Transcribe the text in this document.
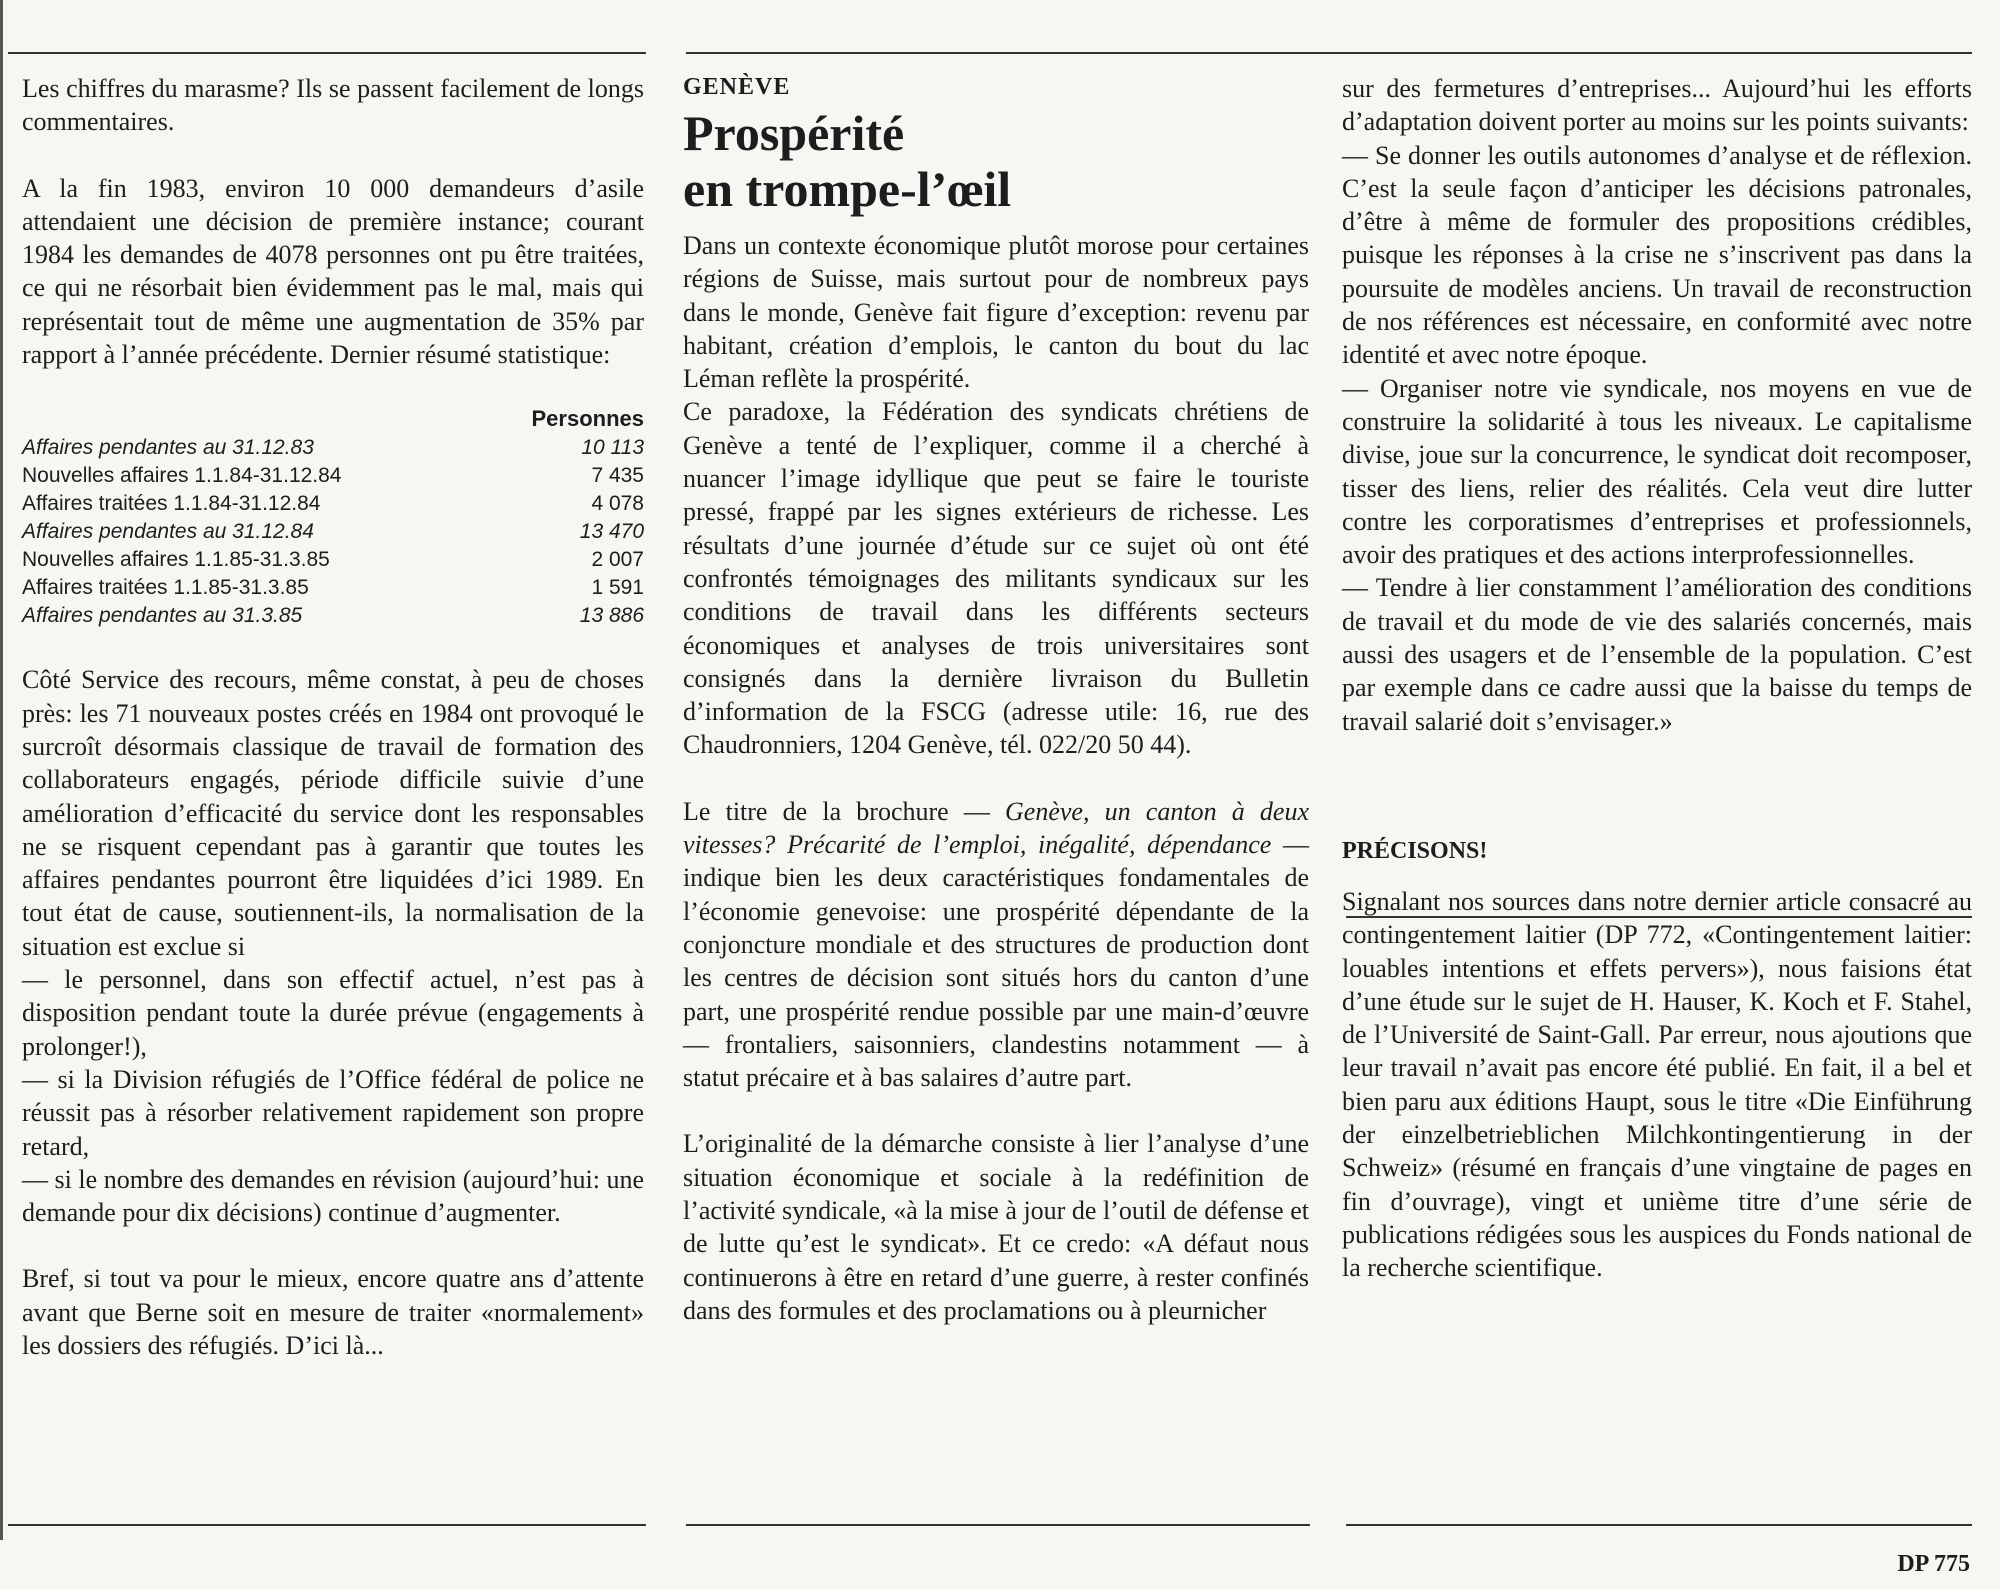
Les chiffres du marasme? Ils se passent facilement de longs commentaires.

A la fin 1983, environ 10 000 demandeurs d’asile attendaient une décision de première instance; courant 1984 les demandes de 4078 personnes ont pu être traitées, ce qui ne résorbait bien évidemment pas le mal, mais qui représentait tout de même une augmentation de 35% par rapport à l’année précédente. Dernier résumé statistique:

Personnes
Affaires pendantes au 31.12.83	10 113
Nouvelles affaires 1.1.84-31.12.84	7 435
Affaires traitées 1.1.84-31.12.84	4 078
Affaires pendantes au 31.12.84	13 470
Nouvelles affaires 1.1.85-31.3.85	2 007
Affaires traitées 1.1.85-31.3.85	1 591
Affaires pendantes au 31.3.85	13 886

Côté Service des recours, même constat, à peu de choses près: les 71 nouveaux postes créés en 1984 ont provoqué le surcroît désormais classique de travail de formation des collaborateurs engagés, période difficile suivie d’une amélioration d’efficacité du service dont les responsables ne se risquent cependant pas à garantir que toutes les affaires pendantes pourront être liquidées d’ici 1989. En tout état de cause, soutiennent-ils, la normalisation de la situation est exclue si

— le personnel, dans son effectif actuel, n’est pas à disposition pendant toute la durée prévue (engagements à prolonger!),

— si la Division réfugiés de l’Office fédéral de police ne réussit pas à résorber relativement rapidement son propre retard,

— si le nombre des demandes en révision (aujourd’hui: une demande pour dix décisions) continue d’augmenter.

Bref, si tout va pour le mieux, encore quatre ans d’attente avant que Berne soit en mesure de traiter «normalement» les dossiers des réfugiés. D’ici là...

GENÈVE
Prospérité
en trompe-l’œil

Dans un contexte économique plutôt morose pour certaines régions de Suisse, mais surtout pour de nombreux pays dans le monde, Genève fait figure d’exception: revenu par habitant, création d’emplois, le canton du bout du lac Léman reflète la prospérité.

Ce paradoxe, la Fédération des syndicats chrétiens de Genève a tenté de l’expliquer, comme il a cherché à nuancer l’image idyllique que peut se faire le touriste pressé, frappé par les signes extérieurs de richesse. Les résultats d’une journée d’étude sur ce sujet où ont été confrontés témoignages des militants syndicaux sur les conditions de travail dans les différents secteurs économiques et analyses de trois universitaires sont consignés dans la dernière livraison du Bulletin d’information de la FSCG (adresse utile: 16, rue des Chaudronniers, 1204 Genève, tél. 022/20 50 44).

Le titre de la brochure — Genève, un canton à deux vitesses? Précarité de l’emploi, inégalité, dépendance — indique bien les deux caractéristiques fondamentales de l’économie genevoise: une prospérité dépendante de la conjoncture mondiale et des structures de production dont les centres de décision sont situés hors du canton d’une part, une prospérité rendue possible par une main-d’œuvre — frontaliers, saisonniers, clandestins notamment — à statut précaire et à bas salaires d’autre part.

L’originalité de la démarche consiste à lier l’analyse d’une situation économique et sociale à la redéfinition de l’activité syndicale, «à la mise à jour de l’outil de défense et de lutte qu’est le syndicat». Et ce credo: «A défaut nous continuerons à être en retard d’une guerre, à rester confinés dans des formules et des proclamations ou à pleurnicher

sur des fermetures d’entreprises... Aujourd’hui les efforts d’adaptation doivent porter au moins sur les points suivants:

— Se donner les outils autonomes d’analyse et de réflexion. C’est la seule façon d’anticiper les décisions patronales, d’être à même de formuler des propositions crédibles, puisque les réponses à la crise ne s’inscrivent pas dans la poursuite de modèles anciens. Un travail de reconstruction de nos références est nécessaire, en conformité avec notre identité et avec notre époque.

— Organiser notre vie syndicale, nos moyens en vue de construire la solidarité à tous les niveaux. Le capitalisme divise, joue sur la concurrence, le syndicat doit recomposer, tisser des liens, relier des réalités. Cela veut dire lutter contre les corporatismes d’entreprises et professionnels, avoir des pratiques et des actions interprofessionnelles.

— Tendre à lier constamment l’amélioration des conditions de travail et du mode de vie des salariés concernés, mais aussi des usagers et de l’ensemble de la population. C’est par exemple dans ce cadre aussi que la baisse du temps de travail salarié doit s’envisager.»

PRÉCISONS!

Signalant nos sources dans notre dernier article consacré au contingentement laitier (DP 772, «Contingentement laitier: louables intentions et effets pervers»), nous faisions état d’une étude sur le sujet de H. Hauser, K. Koch et F. Stahel, de l’Université de Saint-Gall. Par erreur, nous ajoutions que leur travail n’avait pas encore été publié. En fait, il a bel et bien paru aux éditions Haupt, sous le titre «Die Einführung der einzelbetrieblichen Milchkontingentierung in der Schweiz» (résumé en français d’une vingtaine de pages en fin d’ouvrage), vingt et unième titre d’une série de publications rédigées sous les auspices du Fonds national de la recherche scientifique.

DP 775
